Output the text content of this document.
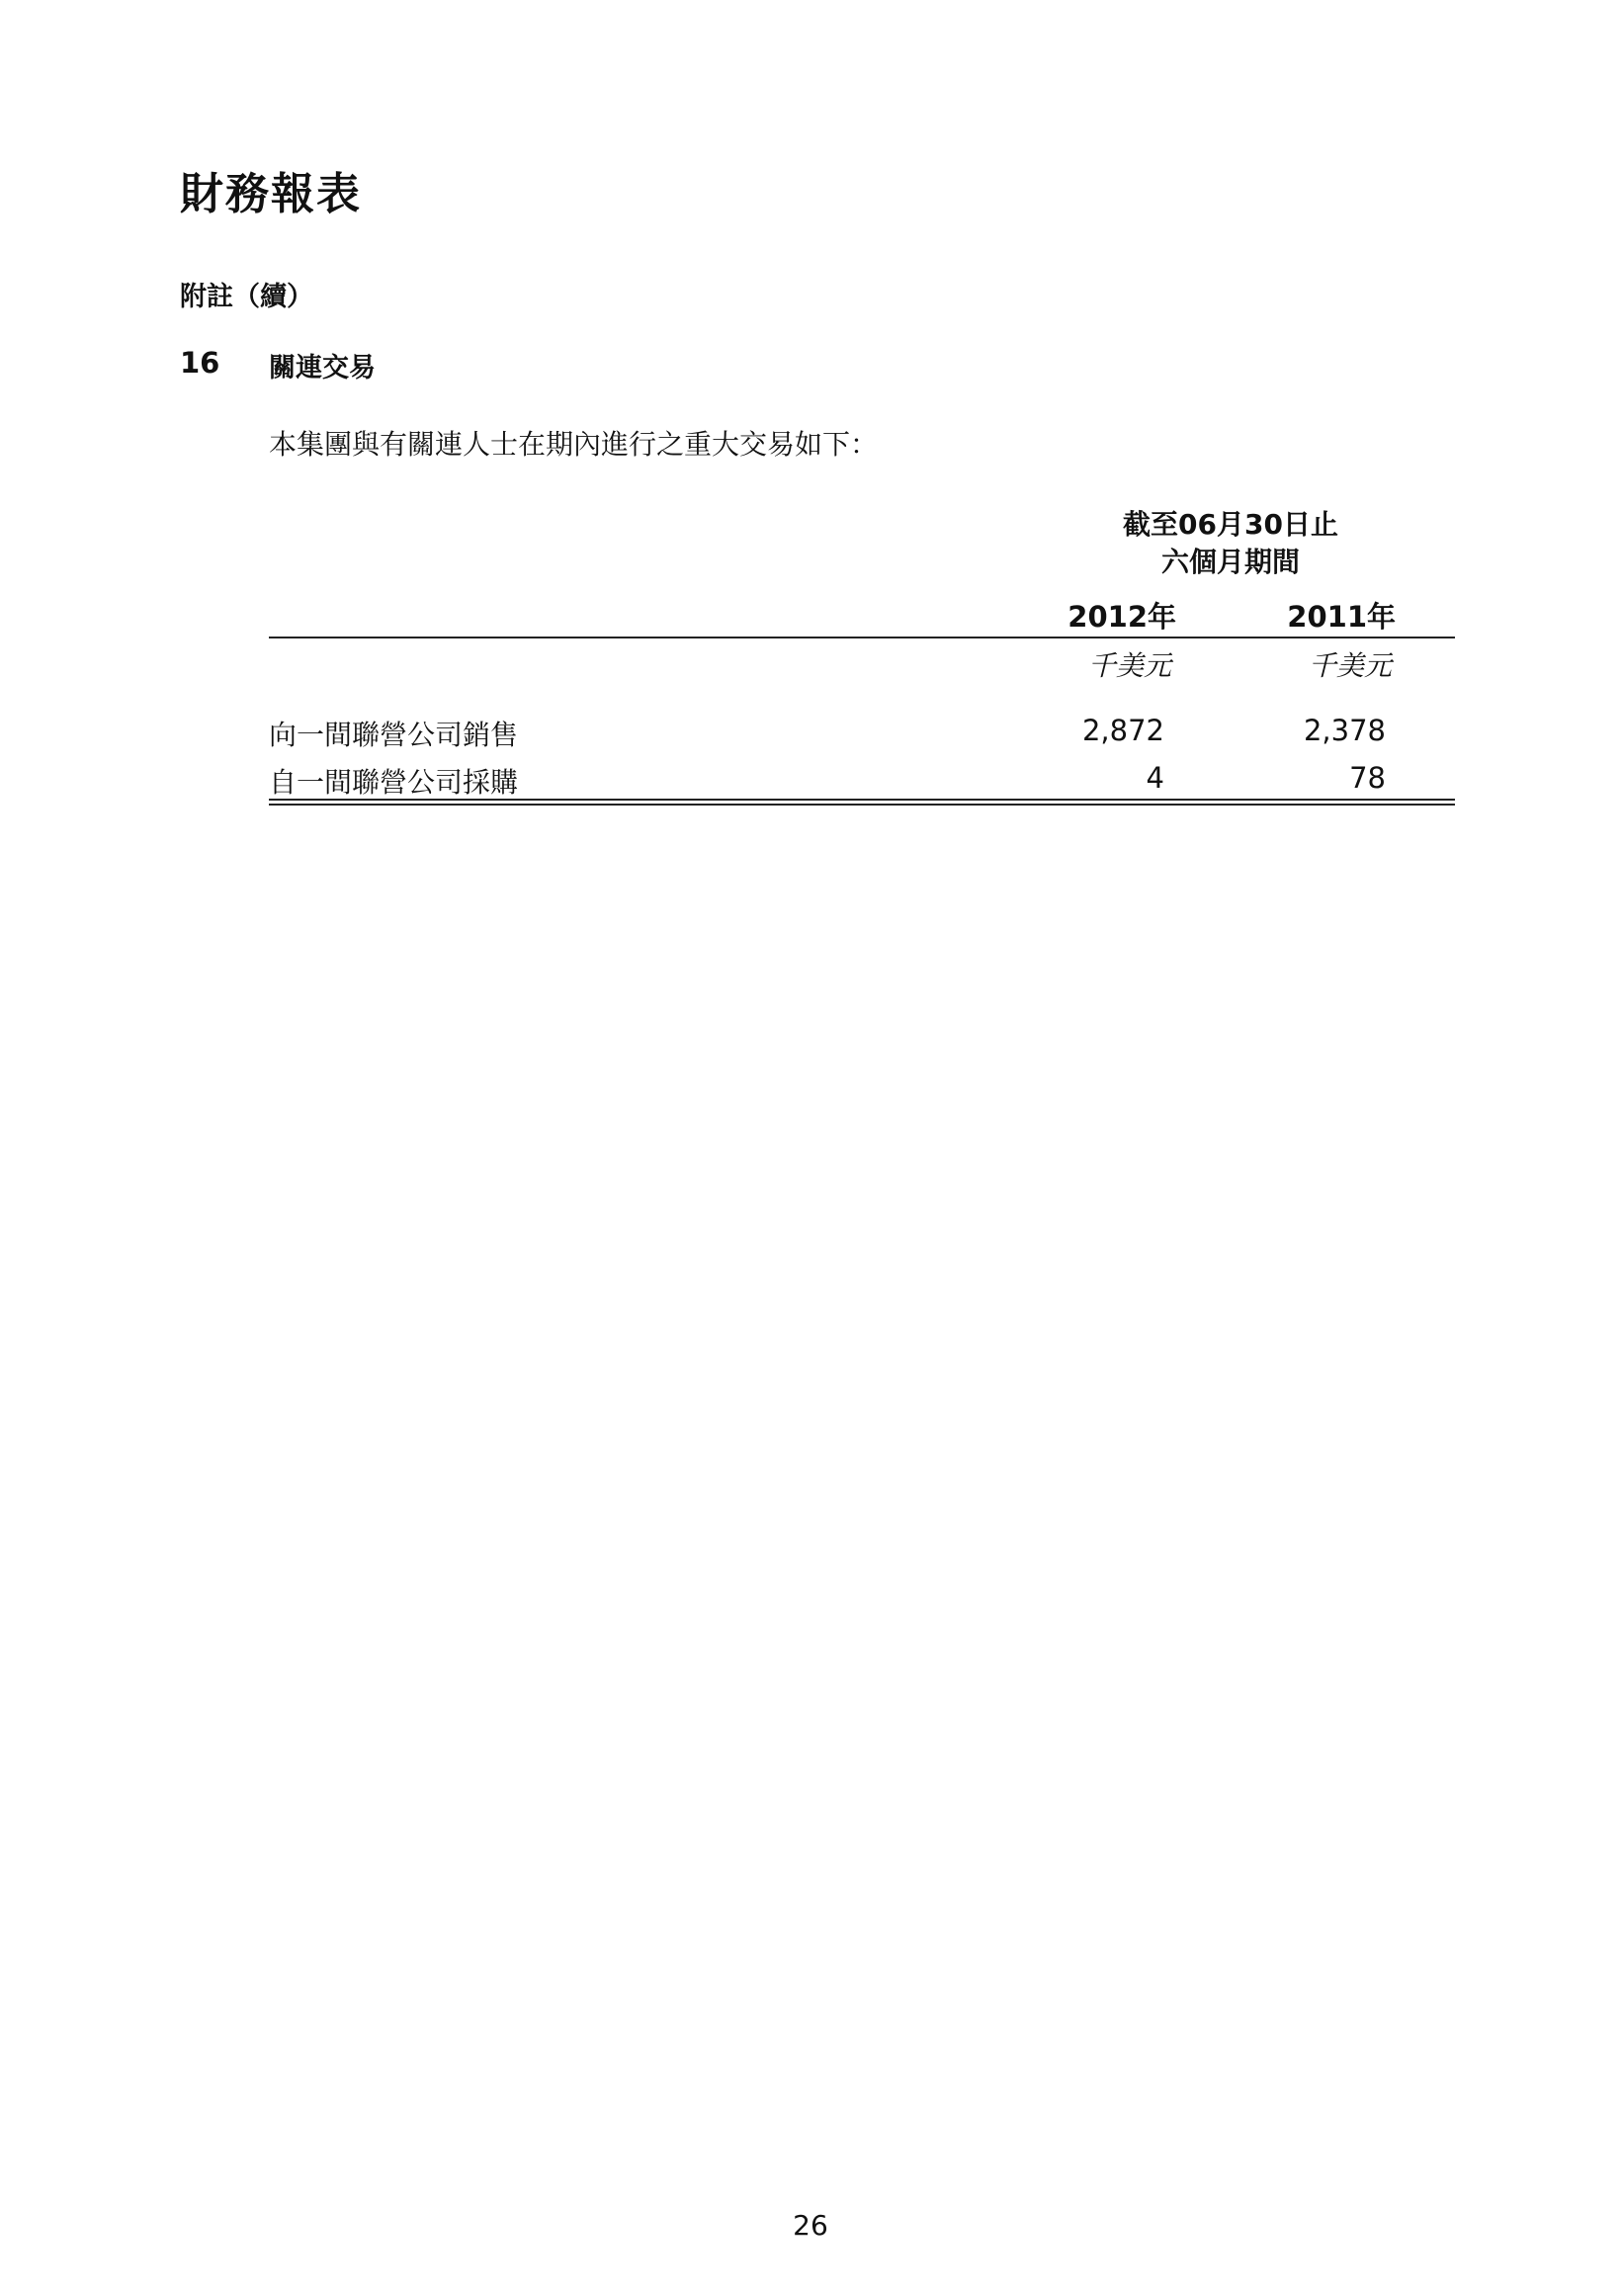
財務報表
附註（續）
16 關連交易

本集團與有關連人士在期內進行之重大交易如下：

截至06月30日止
六個月期間
2012年	2011年
千美元	千美元
向一間聯營公司銷售	2,872	2,378
自一間聯營公司採購	4	78
26
